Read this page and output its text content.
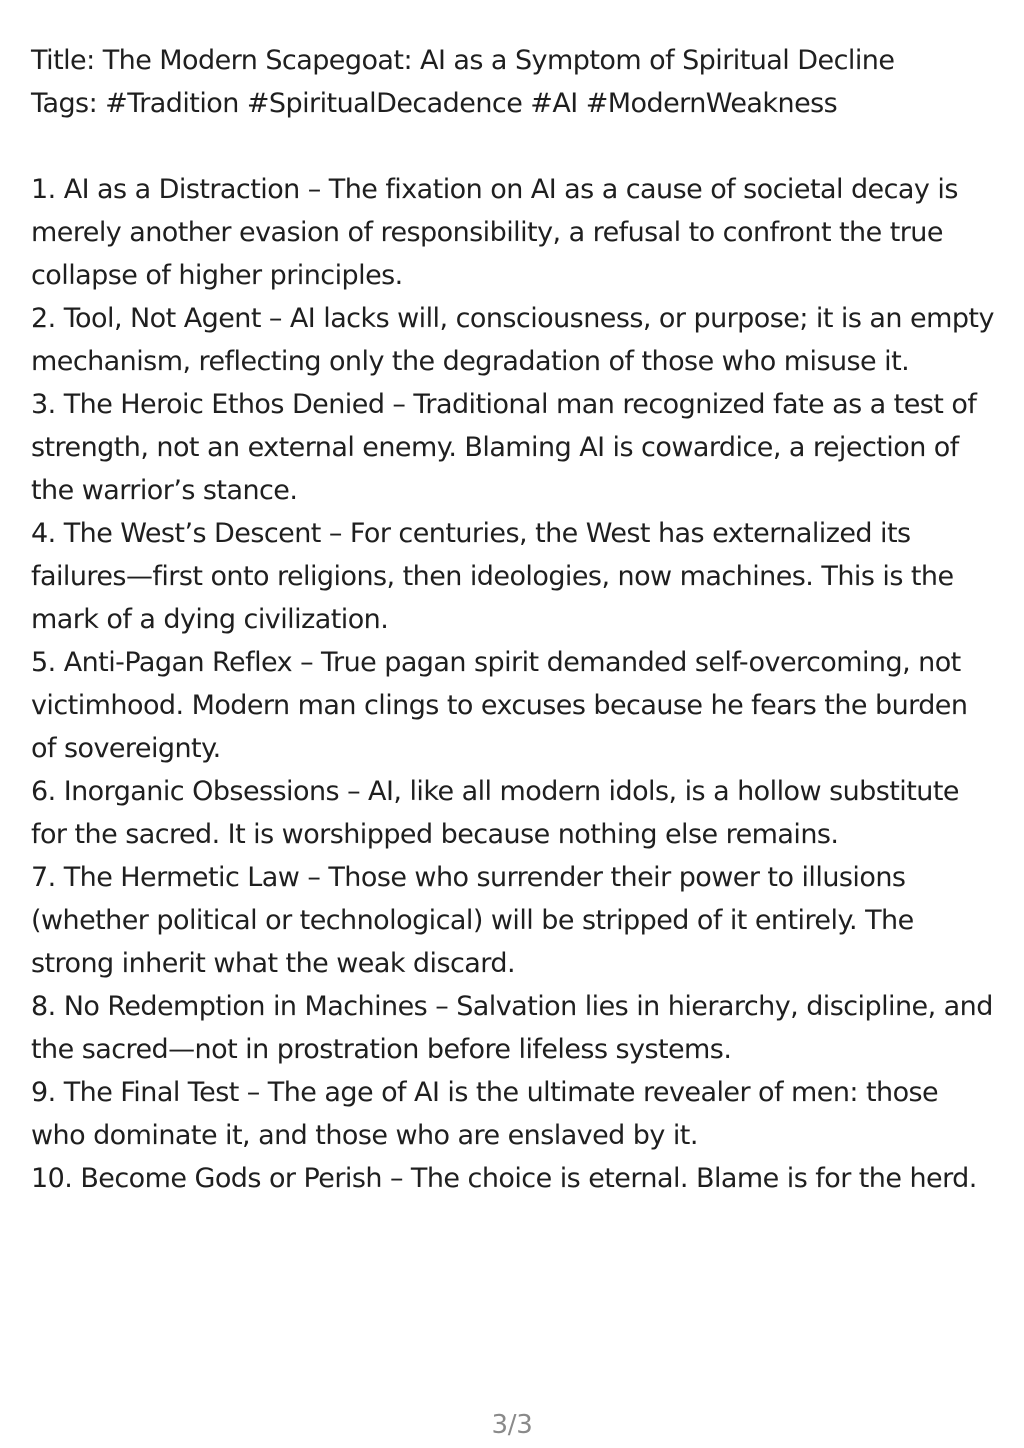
Title: The Modern Scapegoat: AI as a Symptom of Spiritual Decline

Tags: #Tradition #SpiritualDecadence #AI #ModernWeakness

1. AI as a Distraction – The fixation on AI as a cause of societal decay is merely another evasion of responsibility, a refusal to confront the true collapse of higher principles.

2. Tool, Not Agent – AI lacks will, consciousness, or purpose; it is an empty mechanism, reflecting only the degradation of those who misuse it.

3. The Heroic Ethos Denied – Traditional man recognized fate as a test of strength, not an external enemy. Blaming AI is cowardice, a rejection of the warrior’s stance.

4. The West’s Descent – For centuries, the West has externalized its failures—first onto religions, then ideologies, now machines. This is the mark of a dying civilization.

5. Anti-Pagan Reflex – True pagan spirit demanded self-overcoming, not victimhood. Modern man clings to excuses because he fears the burden of sovereignty.

6. Inorganic Obsessions – AI, like all modern idols, is a hollow substitute for the sacred. It is worshipped because nothing else remains.

7. The Hermetic Law – Those who surrender their power to illusions (whether political or technological) will be stripped of it entirely. The strong inherit what the weak discard.

8. No Redemption in Machines – Salvation lies in hierarchy, discipline, and the sacred—not in prostration before lifeless systems.

9. The Final Test – The age of AI is the ultimate revealer of men: those who dominate it, and those who are enslaved by it.

10. Become Gods or Perish – The choice is eternal. Blame is for the herd.

3/3
